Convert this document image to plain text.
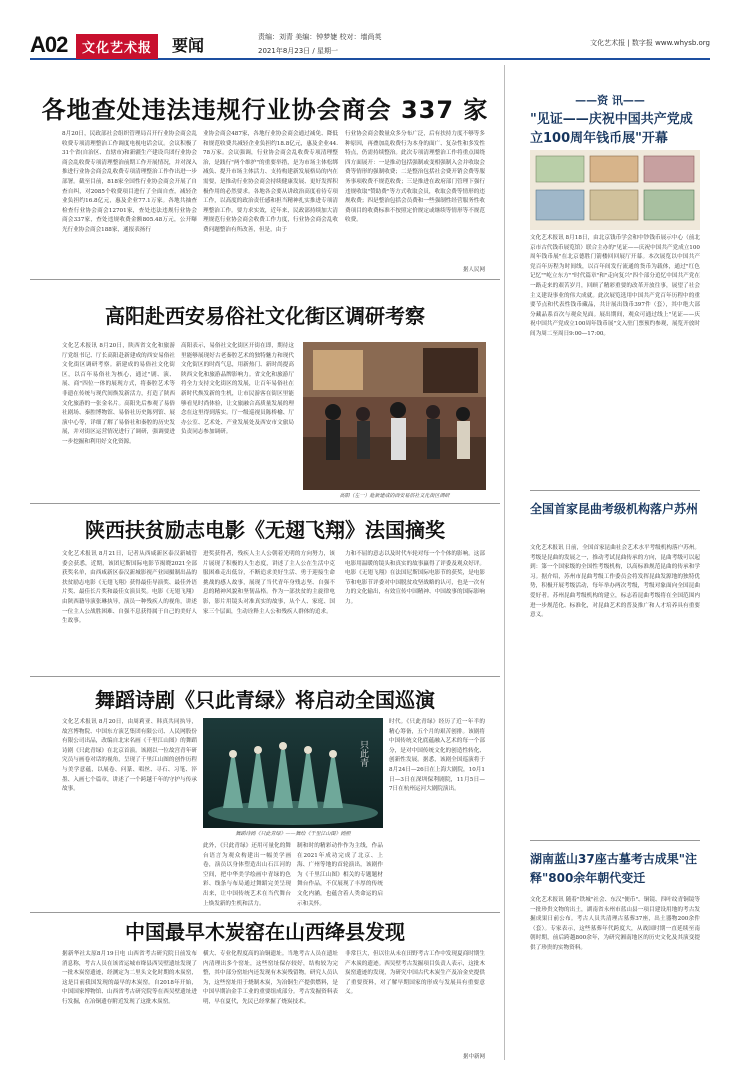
A02	文化艺术报	要闻	责编：刘青 美编：钟梦婕 校对：墙尚英
2021年8月23日 / 星期一
文化艺术报 | 数字报 www.whysb.org
各地查处违法违规行业协会商会 337 家
8月20日，民政部社会组织管理局召开行业协会商会乱收费专项清理整治工作调度电视电话会议。会议积极了31个省(自治区、直辖市)和新疆生产建设兵团行业协会商会乱收费专项清理整治前期工作开展情况，并对深入推进行业协会商会乱收费专项清理整治工作作出进一步部署。截至目前，818家全国性行业协会商会开展了自查自纠，对2085个收费项目进行了全面自查，减轻企业负担约16.8亿元，惠及企业77.1万家。各地共抽查检查行业协会商会12701家，查处违法违规行业协会商会337家，查处违规收费金额805.48万元，公开曝光行业协会商会188家，通报表扬行
业协会商会487家，各地行业协会商会通过减免、降低和规范收费共减轻企业负担约18.8亿元，惠及企业44.78万家。会议强调，行业协会商会乱收费专项清理整治，是践行"两个维护"的重要举措，是为市场主体松绑减负、提升市场主体活力、支持构建新发展格局的内在需要，是推动行业协会商会持续健康发展、更好发挥积极作用的必然要求。各地各会要从讲政治高度看待专项工作，以高度的政治责任感和担当精神扎实推进专项清理整治工作。要力求实效，近年来，民政部持续加大清理规范行业协会商会收费工作力度，行业协会商会乱收费问题整治有所改善，但是，由于
行业协会商会数量众多分布广泛，后有扶持力度不够等多种原因，再叠加乱收费行为本身的面广、复杂性和多发性特点，仍需持续整治。此次专项清理整治工作将重点围绕四方面展开：一是推动包括强制或变相强制入会并收取会费等情形的强制收费；二是整治包括社会费开销会费等服务事项收费不规范收费；三是推进在政府部门管理下强行违规收取"赞助费"等方式收取会员，收取会费等情形的违规收费；四是整治包括会员费和一些强制性经营服务性收费项目的收费标准不按照定价规定或继续等情形等不规范收费。
据人民网
高阳赴西安易俗社文化街区调研考察
文化艺术报讯 8月20日，陕西省文化和旅游厅党组书记、厅长高阳赴新建成的西安易俗社文化街区调研考察。新建成的易俗社文化街区，以百年易俗社为核心，通过"剧、演、展、商"四位一体的展现方式，将秦腔艺术等非遗在传统与现代间焕发新活力，打造了陕西文化旅游的一张金名片。高阳先后参观了易俗社剧场、秦腔博物馆、易俗社历史陈列馆、展演中心等，详细了解了易俗社和秦腔的历史发展，并对街区运营情况进行了调研，强调要进一步挖掘和利用好文化资源。
高阳表示，易俗社文化街区开街在即，期待这里能够展现好古老秦腔艺术的独特魅力和现代文化街区的时尚气息，用新热门、新时尚提高陕西文化和旅游品牌影响力。省文化和旅游厅将全力支持文化街区的发展，让百年易俗社在新时代焕发新的生机，让市民游客在街区里能够看见时尚体验，让文旅融合高质量发展的理念在这里得到落实。厅一级巡视员陈桥榆、厅办公室、艺术处、产业发展处及西安市文旅局负责同志参加调研。
高阳（左一）赴新建成的西安易俗社文化街区调研
陕西扶贫励志电影《无翅飞翔》法国摘奖
文化艺术报讯 8月21日，记者从西咸新区泰汉新城管委会获悉，近期，该团尼斯国际电影节揭晓2021全部获奖名单，由西咸新区泰汉新城影视产业园摄制出品的扶贫励志电影《无翅飞翔》获得最佳导演奖、最佳外语片奖、最佳长片奖和最佳女演员奖。电影《无翅飞翔》由陕西籍导演张琳执导，演员一种残疾人的视角，讲述一位主人公战胜困难、自强不息获得属于自己的美好人生故事。
进奖获得者，残疾人主人公朝着光明的方向努力，该片展现了积极的人生态度，讲述了主人公在生活中克服困难走出低谷，不断追求美好生活、勇于迎接生命挑战的感人故事，展现了当代青年身残志坚、自强不息的精神风貌和坚韧品格。作为一部扶贫的主旋律电影，影片用镜头对准真实的故事，从个人、家庭、国家三个层面，生动诠释主人公和残疾人群体的追求。
力和不屈的意志以及时代车轮对每一个个体的影响。这部电影用温暖的镜头和真实的故事赢得了评委及观众好评。电影《无翅飞翔》在法国尼斯国际电影节的获奖，是电影节和电影节评委对中国脱贫攻坚战略的认可，也是一次有力的文化输出，有效宣传中国精神、中国故事的国际影响力。
舞蹈诗剧《只此青绿》将启动全国巡演
文化艺术报讯 8月20日，由周莉亚、韩真共同执导，故宫博物院、中国东方演艺集团有限公司、人民网股份有限公司出品，改编自北宋名画《千里江山图》的舞蹈诗剧《只此青绿》在北京首演。该剧以一位故宫青年研究员与画卷对话的视角，呈现了千里江山图的创作历程与美学意蕴，以展卷、问篆、唱丝、寻石、习笔、淬墨、入画七个篇章，讲述了一个跨越千年的守护与传承故事。
只此青
舞蹈诗剧《只此青绿》——舞绘《千里江山图》剧照
此外，《只此青绿》还用可量化的舞台语言为观众构建出一幅美学画卷，演员以身体塑造出山石江河的空间，把中华美学绘画中青绿的色彩、线条与布局通过舞蹈完美呈现出来，让中国传统艺术在当代舞台上焕发新的生机和活力。
制和时的精彩动作作为主线，作品在2021年成功完成了北京、上海、广州等地的首轮演出，该剧作为《千里江山图》相关的专题题材舞台作品，不仅展现了丰厚的传统文化内涵，也蕴含着人类命运的启示和关怀。
时代。《只此青绿》经历了近一年半的精心筹备，五个月的艰苦创排。该剧将中国传统文化底蕴融入艺术的每一个部分，是对中国传统文化的创造性转化、创新性发展。据悉，该剧全国巡演将于8月24日—26日在上海大剧院，10月1日—3日在深圳保利剧院，11月5日—7日在杭州运河大剧院演出。
中国最早木炭窑在山西绛县发现
据新华社太原8月19日电 山西省考古研究院日前发布消息称，考古人员在该省运城市绛县西吴壁遗址发现了一批木炭窑遗迹，经测定为二里头文化时期的木炭窑，这是目前我国发现的最早的木炭窑。自2018年开始，中国国家博物馆、山西省考古研究院等在西吴壁遗址进行发掘，在冶铜遗存附近发现了这批木炭窑。
横大、专业化程度高的冶铜遗址。当地考古人员在遗址内清理出多个窑址，这些窑址保存较好，结构较为完整，其中部分窑址内还发现有木炭残留物。研究人员认为，这些窑址用于烧制木炭，为冶铜生产提供燃料，是中国早期冶金手工业的重要组成部分。考古发掘资料表明，早在夏代，先民已经掌握了烧炭技术。
非常巨大，但以往从未在田野考古工作中发现夏商时期生产木炭的遗迹。西吴壁考古发掘项目负责人表示，这批木炭窑遗迹的发现，为研究中国古代木炭生产及冶金史提供了重要资料，对了解早期国家的形成与发展具有重要意义。
据中新网
——资 讯——
"见证——庆祝中国共产党成立100周年钱币展"开幕
文化艺术报讯 8月18日，由北京钱币学会和中钞钱币展示中心（前北京市古代钱币展览馆）联合主办的"见证——庆祝中国共产党成立100周年钱币展"在北京德胜门箭楼回回展厅开幕。本次展览以中国共产党百年历程为时间线，以百年间发行流通的货币为载体，通过"红色记忆""屹立东方""时代篇章"和"走向复兴"四个部分追忆中国共产党在一路走来的艰苦岁月，回顾了精彩重要的改革开放往事，展望了社会主义建设事业的伟大成就。此次展览选用中国共产党百年历程中的重要节点和代表性钱币藏品，共计展出钱币397件（套），其中绝大部分藏品系首次与观众见面。展出期间，观众可通过线上"见证——庆祝中国共产党成立100周年钱币展"文入驻门票预约参观，展览开放时间为周二至周日9:00—17:00。
全国首家昆曲考级机构落户苏州
文化艺术报讯 日前，全国首家昆曲社会艺术水平考级机构落户苏州。考级是昆曲的发展之一，推动考试昆曲传承的方向，昆曲考级可以起到：第一个国家级的全国性考级机构，以高标准规范昆曲的传承和学习。据介绍，苏州市昆曲考级工作委员会将发挥昆曲发源地的独特优势，积极开展考级活动，每年举办两次考级，考级对象面向全国昆曲爱好者。苏州昆曲考级机构的建立，标志着昆曲考级将在全国范围内进一步规范化、标准化，对昆曲艺术的普及推广和人才培养具有重要意义。
湖南蓝山37座古墓考古成果"注释"800余年朝代变迁
文化艺术报讯 随着"铁城"社会、东汉"便币"、铜镜、四叶纹青铜镜等一批珍贵文物的出土，湖南省永州市蓝山县一项目建设用地的考古发掘成果日前公布。考古人员共清理古墓葬37座，出土器物200余件（套）。专家表示，这些墓葬年代跨度大，从战国时期一直延续至南朝时期，前后跨越800余年，为研究湘南地区的历史文化及其演变提供了珍贵的实物资料。
